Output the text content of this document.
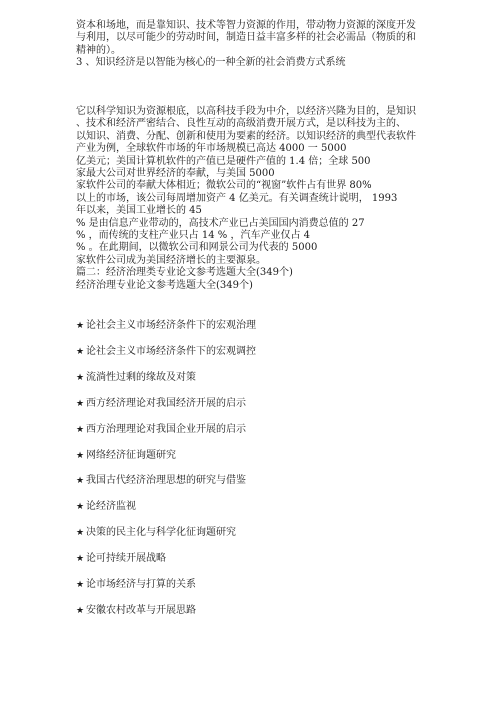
资本和场地，而是靠知识、技术等智力资源的作用，带动物力资源的深度开发
与利用，以尽可能少的劳动时间，制造日益丰富多样的社会必需品（物质的和
精神的）。
3 、知识经济是以智能为核心的一种全新的社会消费方式系统
它以科学知识为资源根底，以高科技手段为中介，以经济兴隆为目的，是知识
、技术和经济严密结合、良性互动的高级消费开展方式，是以科技为主的、
以知识、消费、分配、创新和使用为要素的经济。以知识经济的典型代表软件
产业为例，全球软件市场的年市场规模已高达 4000 一 5000
亿美元；美国计算机软件的产值已是硬件产值的 1.4 倍；全球 500
家最大公司对世界经济的奉献，与美国 5000
家软件公司的奉献大体相近；微软公司的“视窗”软件占有世界 80%
以上的市场，该公司每周增加资产 4 亿美元。有关调查统计说明， 1993
年以来，美国工业增长的 45
% 是由信息产业带动的，高技术产业已占美国国内消费总值的 27
% ，而传统的支柱产业只占 14 % ，汽车产业仅占 4
% 。在此期间，以微软公司和网景公司为代表的 5000
家软件公司成为美国经济增长的主要源泉。
篇二：经济治理类专业论文参考选题大全(349个)
经济治理专业论文参考选题大全(349个)
★ 论社会主义市场经济条件下的宏观治理
★ 论社会主义市场经济条件下的宏观调控
★ 流淌性过剩的缘故及对策
★ 西方经济理论对我国经济开展的启示
★ 西方治理理论对我国企业开展的启示
★ 网络经济征询题研究
★ 我国古代经济治理思想的研究与借鉴
★ 论经济监视
★ 决策的民主化与科学化征询题研究
★ 论可持续开展战略
★ 论市场经济与打算的关系
★ 安徽农村改革与开展思路
